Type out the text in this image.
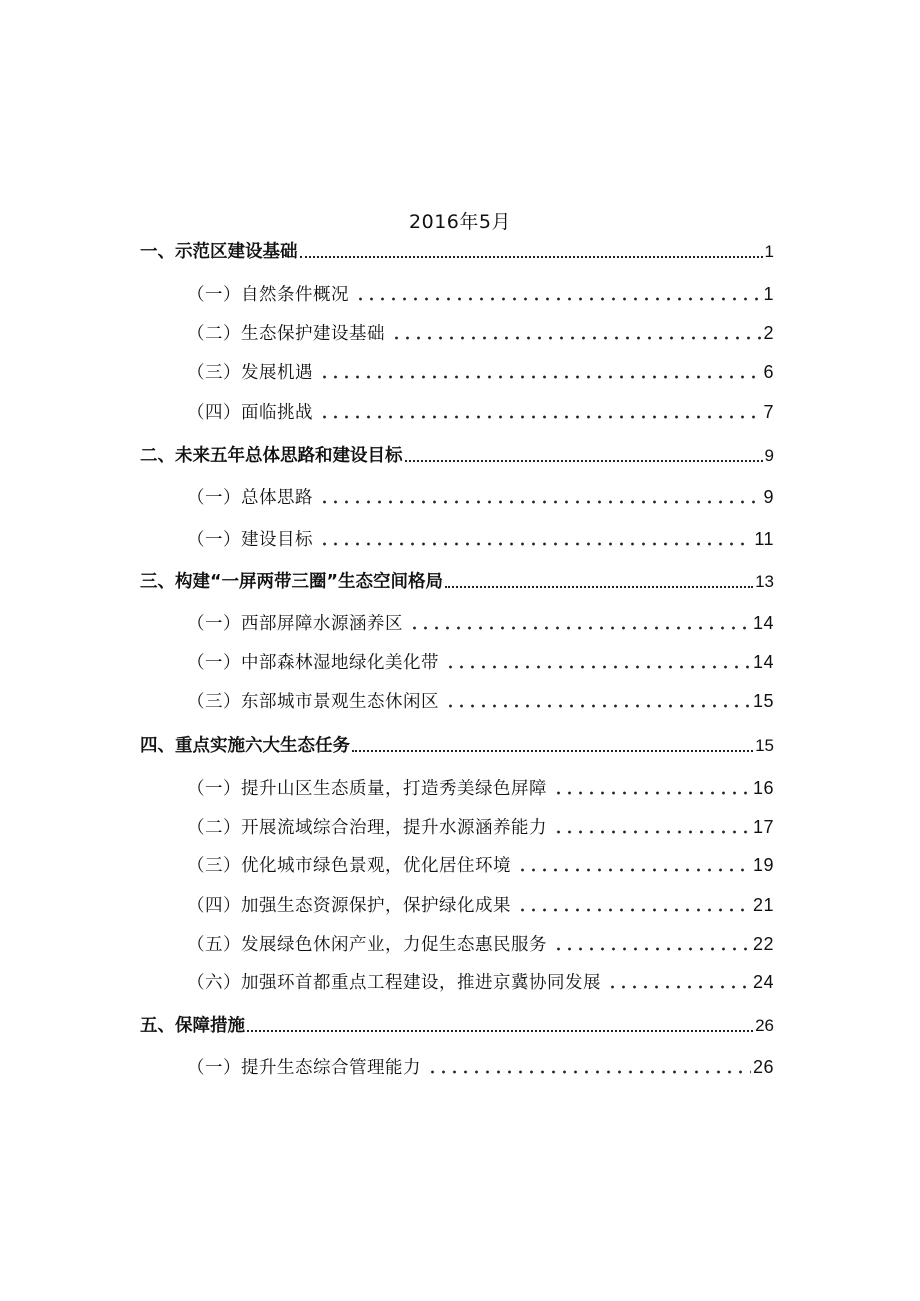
2016年5月
一、示范区建设基础	1
（一）自然条件概况	1
（二）生态保护建设基础	2
（三）发展机遇	6
（四）面临挑战	7
二、未来五年总体思路和建设目标	9
（一）总体思路	9
（一）建设目标	11
三、构建“一屏两带三圈”生态空间格局	13
（一）西部屏障水源涵养区	14
（一）中部森林湿地绿化美化带	14
（三）东部城市景观生态休闲区	15
四、重点实施六大生态任务	15
（一）提升山区生态质量，打造秀美绿色屏障	16
（二）开展流域综合治理，提升水源涵养能力	17
（三）优化城市绿色景观，优化居住环境	19
（四）加强生态资源保护，保护绿化成果	21
（五）发展绿色休闲产业，力促生态惠民服务	22
（六）加强环首都重点工程建设，推进京冀协同发展	24
五、保障措施	26
（一）提升生态综合管理能力	26
